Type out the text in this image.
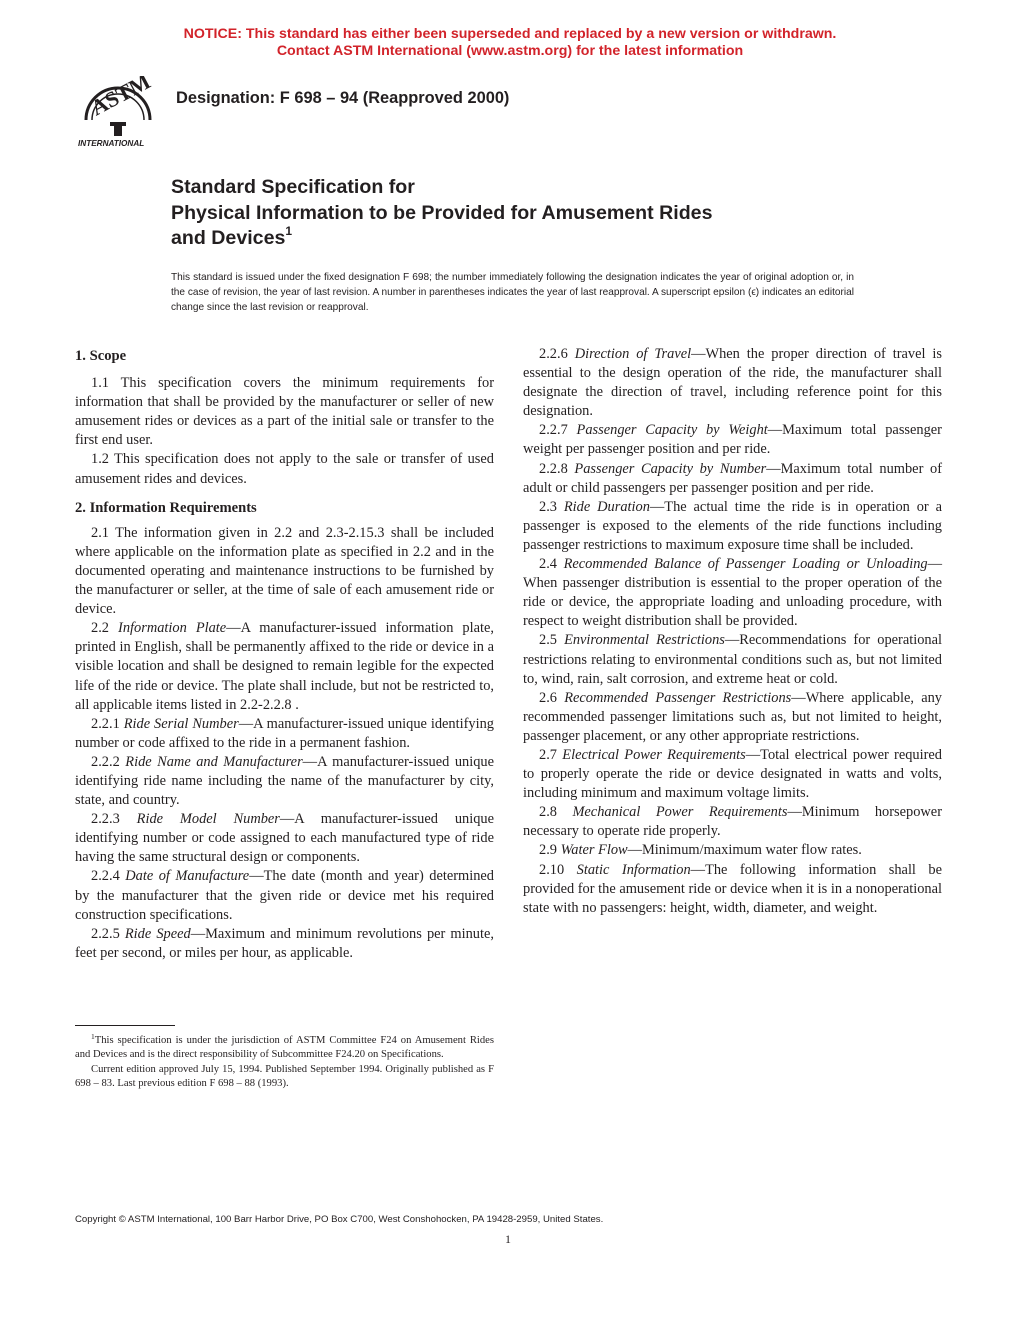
NOTICE: This standard has either been superseded and replaced by a new version or withdrawn.
Contact ASTM International (www.astm.org) for the latest information
ASTM
INTERNATIONAL
Designation: F 698 – 94 (Reapproved 2000)
Standard Specification for
Physical Information to be Provided for Amusement Rides
and Devices$^1$
This standard is issued under the fixed designation F 698; the number immediately following the designation indicates the year of original adoption or, in the case of revision, the year of last revision. A number in parentheses indicates the year of last reapproval. A superscript epsilon (ϵ) indicates an editorial change since the last revision or reapproval.
1. Scope

1.1 This specification covers the minimum requirements for information that shall be provided by the manufacturer or seller of new amusement rides or devices as a part of the initial sale or transfer to the first end user.

1.2 This specification does not apply to the sale or transfer of used amusement rides and devices.

2. Information Requirements

2.1 The information given in 2.2 and 2.3-2.15.3 shall be included where applicable on the information plate as specified in 2.2 and in the documented operating and maintenance instructions to be furnished by the manufacturer or seller, at the time of sale of each amusement ride or device.

2.2 Information Plate—A manufacturer-issued information plate, printed in English, shall be permanently affixed to the ride or device in a visible location and shall be designed to remain legible for the expected life of the ride or device. The plate shall include, but not be restricted to, all applicable items listed in 2.2-2.2.8 .

2.2.1 Ride Serial Number—A manufacturer-issued unique identifying number or code affixed to the ride in a permanent fashion.

2.2.2 Ride Name and Manufacturer—A manufacturer-issued unique identifying ride name including the name of the manufacturer by city, state, and country.

2.2.3 Ride Model Number—A manufacturer-issued unique identifying number or code assigned to each manufactured type of ride having the same structural design or components.

2.2.4 Date of Manufacture—The date (month and year) determined by the manufacturer that the given ride or device met his required construction specifications.

2.2.5 Ride Speed—Maximum and minimum revolutions per minute, feet per second, or miles per hour, as applicable.

2.2.6 Direction of Travel—When the proper direction of travel is essential to the design operation of the ride, the manufacturer shall designate the direction of travel, including reference point for this designation.

2.2.7 Passenger Capacity by Weight—Maximum total passenger weight per passenger position and per ride.

2.2.8 Passenger Capacity by Number—Maximum total number of adult or child passengers per passenger position and per ride.

2.3 Ride Duration—The actual time the ride is in operation or a passenger is exposed to the elements of the ride functions including passenger restrictions to maximum exposure time shall be included.

2.4 Recommended Balance of Passenger Loading or Unloading—When passenger distribution is essential to the proper operation of the ride or device, the appropriate loading and unloading procedure, with respect to weight distribution shall be provided.

2.5 Environmental Restrictions—Recommendations for operational restrictions relating to environmental conditions such as, but not limited to, wind, rain, salt corrosion, and extreme heat or cold.

2.6 Recommended Passenger Restrictions—Where applicable, any recommended passenger limitations such as, but not limited to height, passenger placement, or any other appropriate restrictions.

2.7 Electrical Power Requirements—Total electrical power required to properly operate the ride or device designated in watts and volts, including minimum and maximum voltage limits.

2.8 Mechanical Power Requirements—Minimum horsepower necessary to operate ride properly.

2.9 Water Flow—Minimum/maximum water flow rates.

2.10 Static Information—The following information shall be provided for the amusement ride or device when it is in a nonoperational state with no passengers: height, width, diameter, and weight.

$^1$This specification is under the jurisdiction of ASTM Committee F24 on Amusement Rides and Devices and is the direct responsibility of Subcommittee F24.20 on Specifications.

Current edition approved July 15, 1994. Published September 1994. Originally published as F 698 – 83. Last previous edition F 698 – 88 (1993).

Copyright © ASTM International, 100 Barr Harbor Drive, PO Box C700, West Conshohocken, PA 19428-2959, United States.
1
